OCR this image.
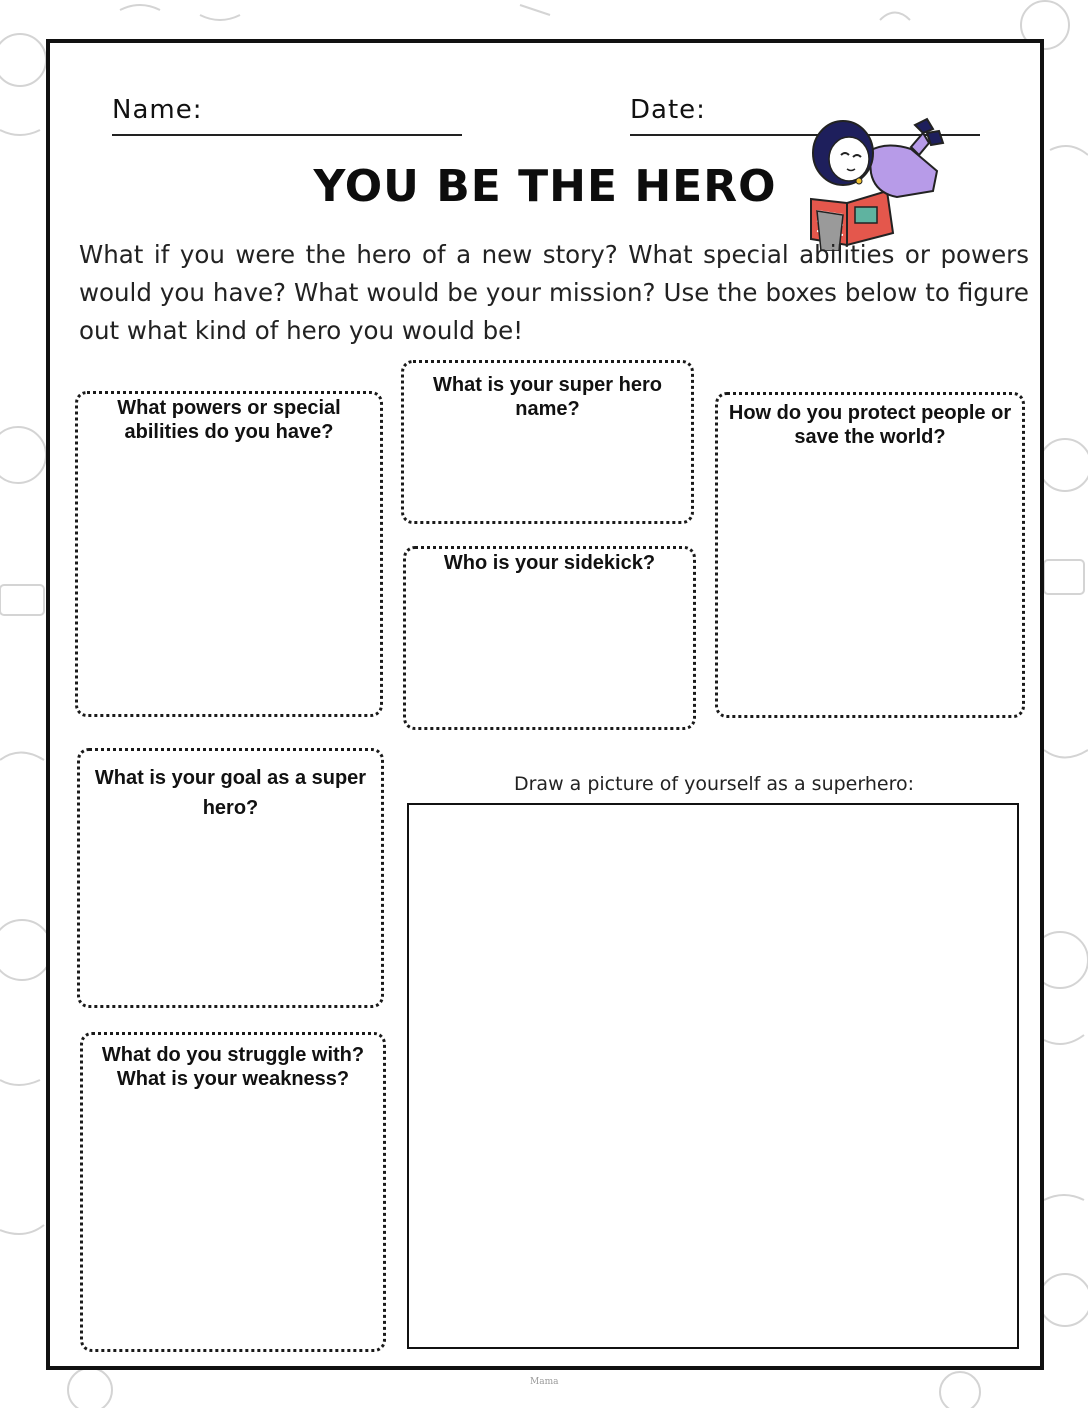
Name:	Date:
YOU BE THE HERO
What if you were the hero of a new story? What special abilities or powers would you have? What would be your mission? Use the boxes below to figure out what kind of hero you would be!
What powers or special abilities do you have?
What is your super hero name?
Who is your sidekick?
How do you protect people or save the world?
What is your goal as a super hero?
What do you struggle with? What is your weakness?
Draw a picture of yourself as a superhero:
Mama
